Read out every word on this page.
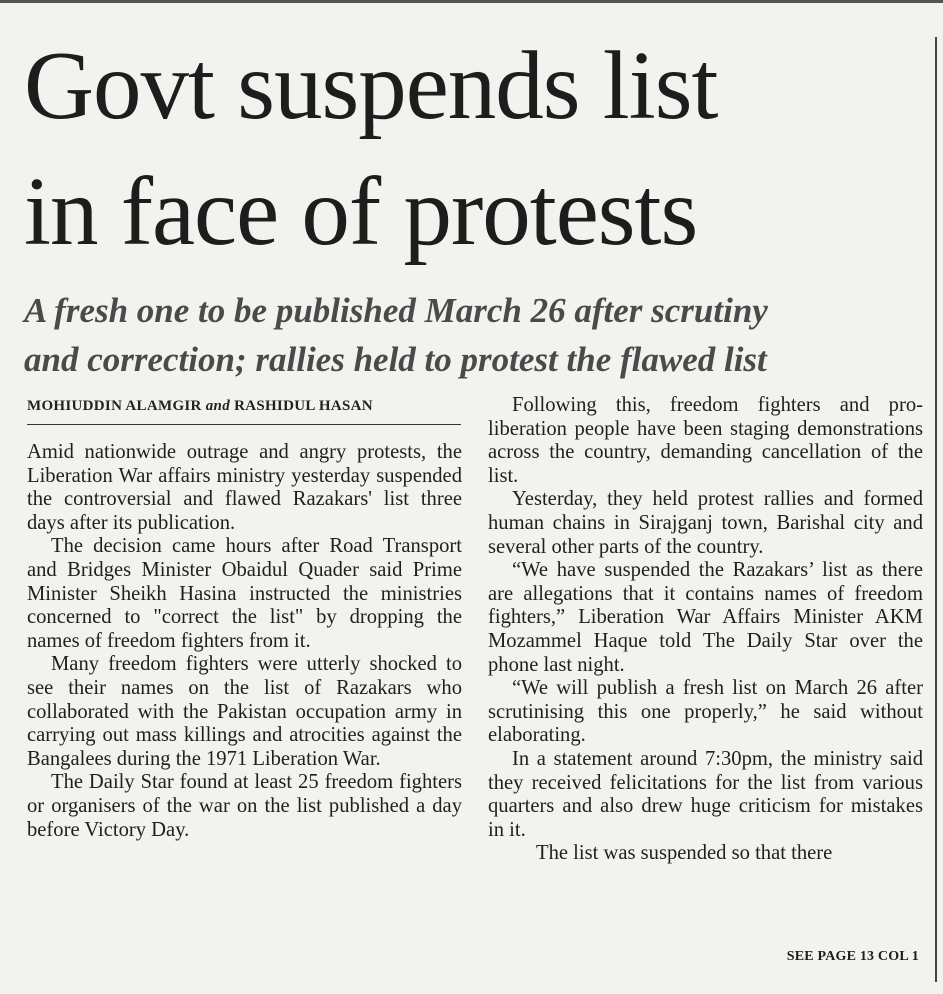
Govt suspends list
in face of protests
A fresh one to be published March 26 after scrutiny
and correction; rallies held to protest the flawed list
MOHIUDDIN ALAMGIR and RASHIDUL HASAN

Amid nationwide outrage and angry protests, the Liberation War affairs ministry yesterday suspended the controversial and flawed Razakars' list three days after its publication.

The decision came hours after Road Transport and Bridges Minister Obaidul Quader said Prime Minister Sheikh Hasina instructed the ministries concerned to "correct the list" by dropping the names of freedom fighters from it.

Many freedom fighters were utterly shocked to see their names on the list of Razakars who collaborated with the Pakistan occupation army in carrying out mass killings and atrocities against the Bangalees during the 1971 Liberation War.

The Daily Star found at least 25 freedom fighters or organisers of the war on the list published a day before Victory Day.

Following this, freedom fighters and pro-liberation people have been staging demonstrations across the country, demanding cancellation of the list.

Yesterday, they held protest rallies and formed human chains in Sirajganj town, Barishal city and several other parts of the country.

“We have suspended the Razakars’ list as there are allegations that it contains names of freedom fighters,” Liberation War Affairs Minister AKM Mozammel Haque told The Daily Star over the phone last night.

“We will publish a fresh list on March 26 after scrutinising this one properly,” he said without elaborating.

In a statement around 7:30pm, the ministry said they received felicitations for the list from various quarters and also drew huge criticism for mistakes in it.

The list was suspended so that there

SEE PAGE 13 COL 1
